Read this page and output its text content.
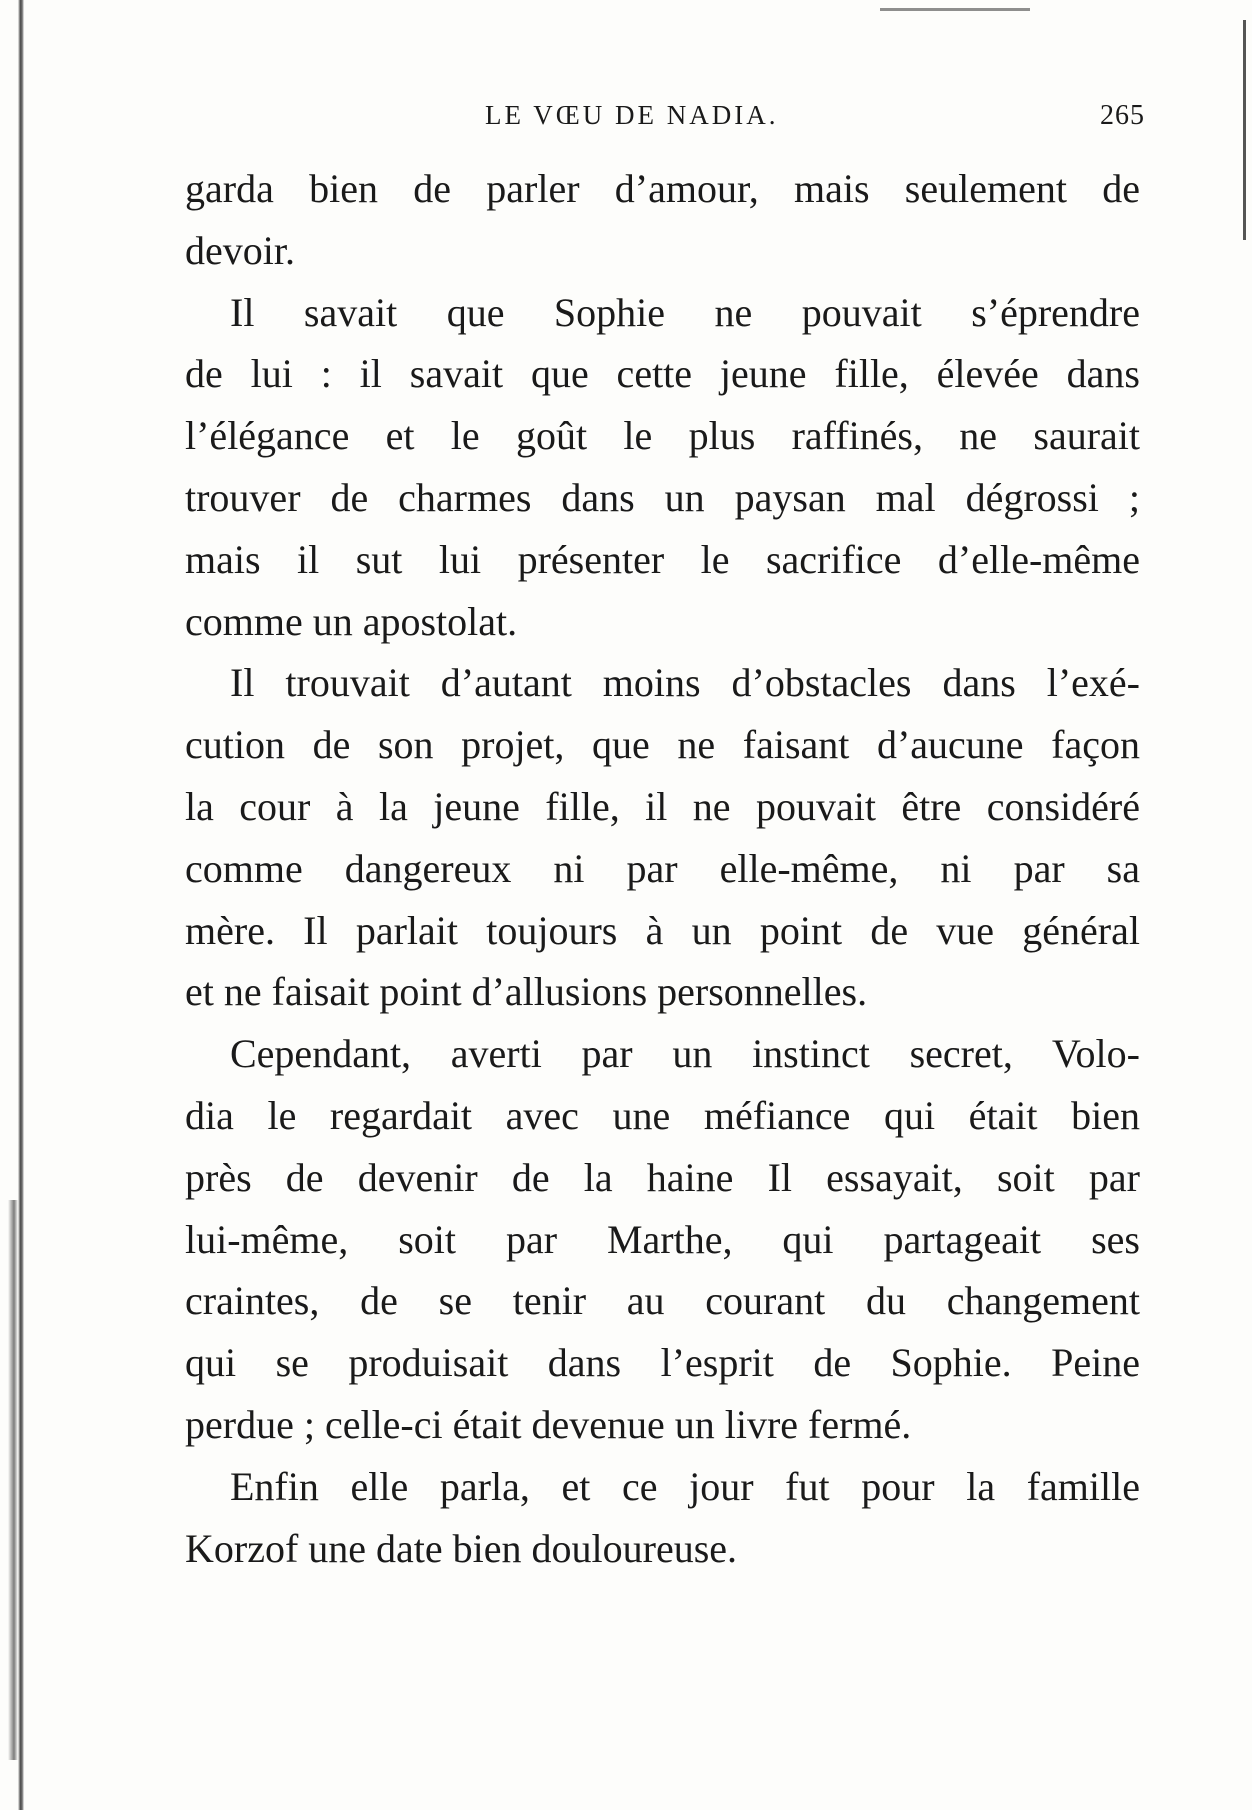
LE VŒU DE NADIA.	265
garda bien de parler d’amour, mais seulement de
devoir.
Il savait que Sophie ne pouvait s’éprendre
de lui : il savait que cette jeune fille, élevée dans
l’élégance et le goût le plus raffinés, ne saurait
trouver de charmes dans un paysan mal dégrossi ;
mais il sut lui présenter le sacrifice d’elle-même
comme un apostolat.
Il trouvait d’autant moins d’obstacles dans l’exé-
cution de son projet, que ne faisant d’aucune façon
la cour à la jeune fille, il ne pouvait être considéré
comme dangereux ni par elle-même, ni par sa
mère. Il parlait toujours à un point de vue général
et ne faisait point d’allusions personnelles.
Cependant, averti par un instinct secret, Volo-
dia le regardait avec une méfiance qui était bien
près de devenir de la haine Il essayait, soit par
lui-même, soit par Marthe, qui partageait ses
craintes, de se tenir au courant du changement
qui se produisait dans l’esprit de Sophie. Peine
perdue ; celle-ci était devenue un livre fermé.
Enfin elle parla, et ce jour fut pour la famille
Korzof une date bien douloureuse.
